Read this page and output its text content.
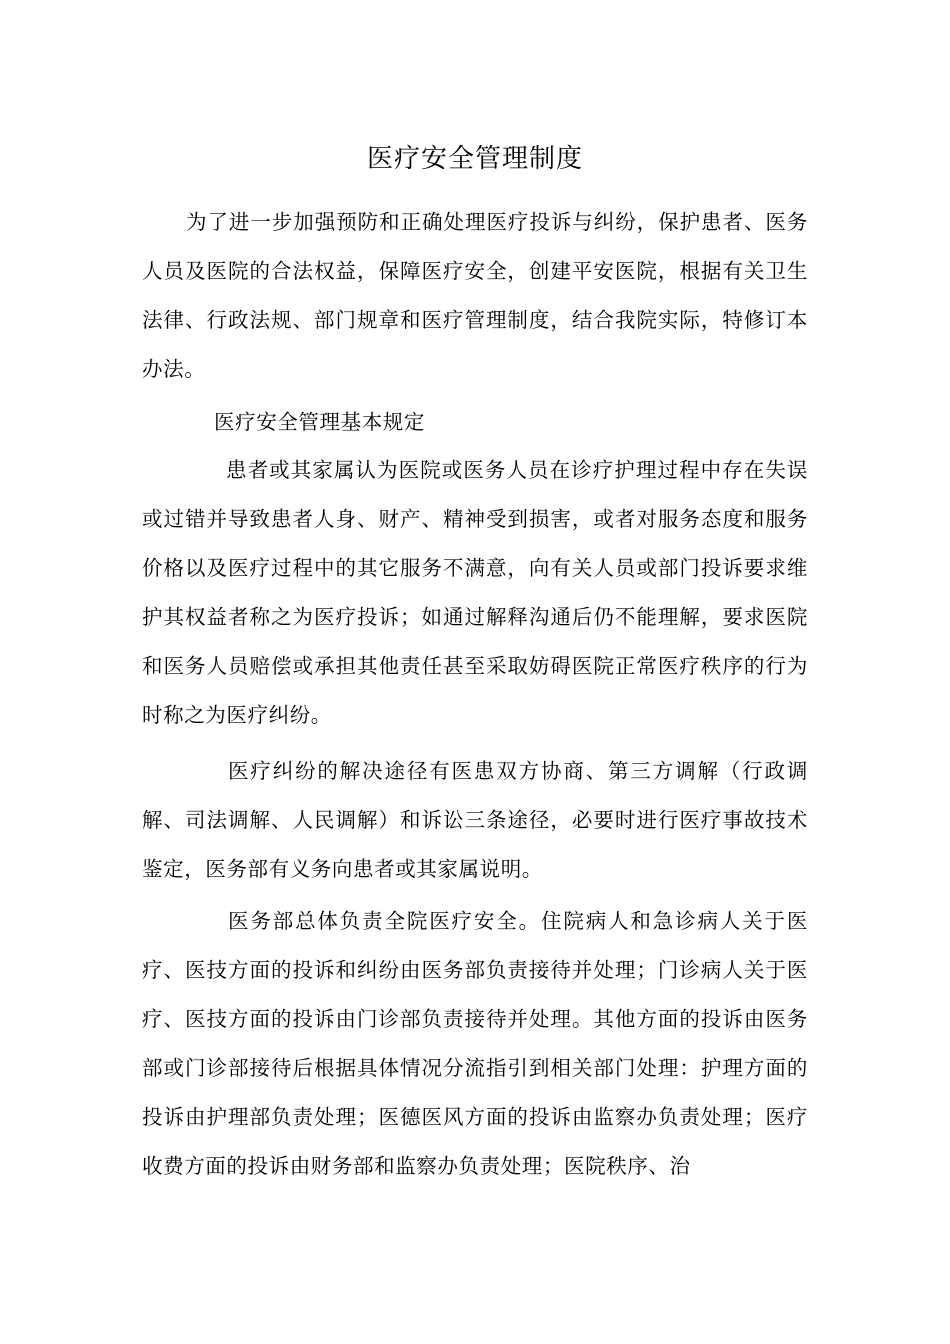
医疗安全管理制度
为了进一步加强预防和正确处理医疗投诉与纠纷，保护患者、医务人员及医院的合法权益，保障医疗安全，创建平安医院，根据有关卫生法律、行政法规、部门规章和医疗管理制度，结合我院实际，特修订本办法。
医疗安全管理基本规定
患者或其家属认为医院或医务人员在诊疗护理过程中存在失误或过错并导致患者人身、财产、精神受到损害，或者对服务态度和服务价格以及医疗过程中的其它服务不满意，向有关人员或部门投诉要求维护其权益者称之为医疗投诉；如通过解释沟通后仍不能理解，要求医院和医务人员赔偿或承担其他责任甚至采取妨碍医院正常医疗秩序的行为时称之为医疗纠纷。
医疗纠纷的解决途径有医患双方协商、第三方调解（行政调解、司法调解、人民调解）和诉讼三条途径，必要时进行医疗事故技术鉴定，医务部有义务向患者或其家属说明。
医务部总体负责全院医疗安全。住院病人和急诊病人关于医疗、医技方面的投诉和纠纷由医务部负责接待并处理；门诊病人关于医疗、医技方面的投诉由门诊部负责接待并处理。其他方面的投诉由医务部或门诊部接待后根据具体情况分流指引到相关部门处理：护理方面的投诉由护理部负责处理；医德医风方面的投诉由监察办负责处理；医疗收费方面的投诉由财务部和监察办负责处理；医院秩序、治
